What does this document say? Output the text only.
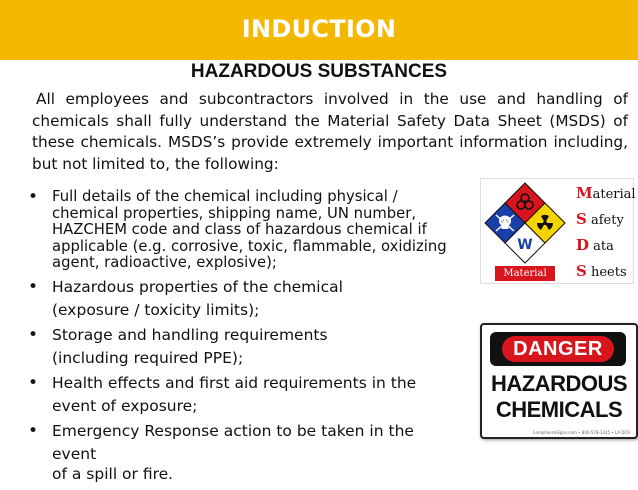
INDUCTION
HAZARDOUS SUBSTANCES

All employees and subcontractors involved in the use and handling of chemicals shall fully understand the Material Safety Data Sheet (MSDS) of these chemicals. MSDS’s provide extremely important information including, but not limited to, the following:

• Full details of the chemical including physical / chemical properties, shipping name, UN number, HAZCHEM code and class of hazardous chemical if applicable (e.g. corrosive, toxic, flammable, oxidizing agent, radioactive, explosive);
• Hazardous properties of the chemical
(exposure / toxicity limits);
• Storage and handling requirements
(including required PPE);
• Health effects and first aid requirements in the
event of exposure;
• Emergency Response action to be taken in the
event
of a spill or fire.
W
Material
S afety
D ata
S heets
Material
DANGER
HAZARDOUS
CHEMICALS
ComplianceSigns.com • 800-578-1245 • LA DCR
